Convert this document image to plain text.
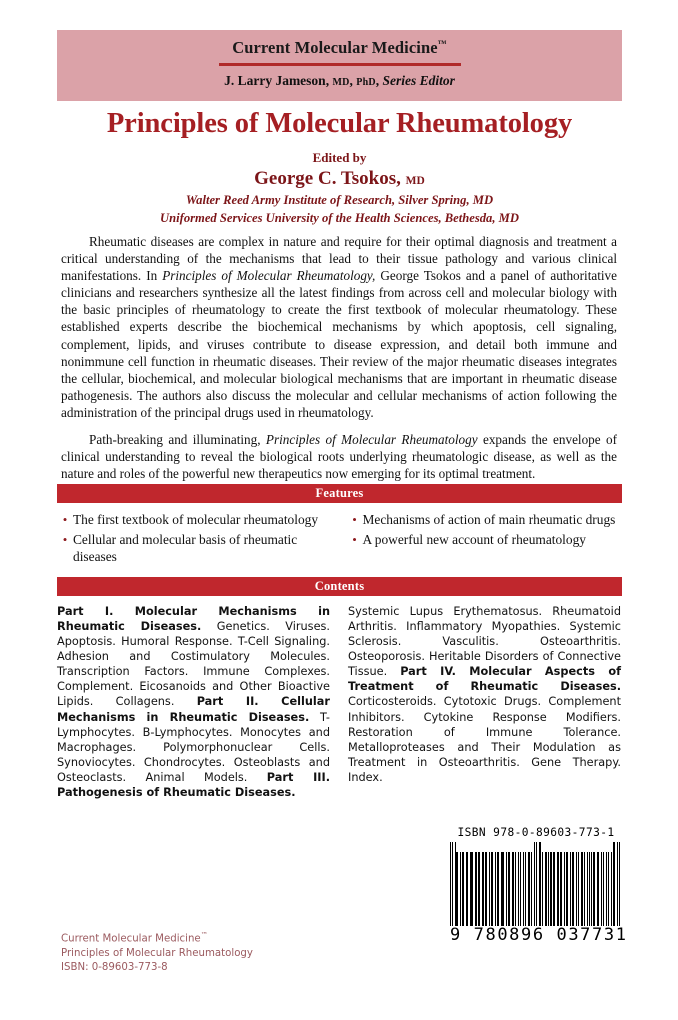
Current Molecular Medicine™
J. Larry Jameson, MD, PhD, Series Editor
Principles of Molecular Rheumatology
Edited by
George C. Tsokos, MD
Walter Reed Army Institute of Research, Silver Spring, MD
Uniformed Services University of the Health Sciences, Bethesda, MD

Rheumatic diseases are complex in nature and require for their optimal diagnosis and treatment a critical understanding of the mechanisms that lead to their tissue pathology and various clinical manifestations. In Principles of Molecular Rheumatology, George Tsokos and a panel of authoritative clinicians and researchers synthesize all the latest findings from across cell and molecular biology with the basic principles of rheumatology to create the first textbook of molecular rheumatology. These established experts describe the biochemical mechanisms by which apoptosis, cell signaling, complement, lipids, and viruses contribute to disease expression, and detail both immune and nonimmune cell function in rheumatic diseases. Their review of the major rheumatic diseases integrates the cellular, biochemical, and molecular biological mechanisms that are important in rheumatic disease pathogenesis. The authors also discuss the molecular and cellular mechanisms of action following the administration of the principal drugs used in rheumatology.

Path-breaking and illuminating, Principles of Molecular Rheumatology expands the envelope of clinical understanding to reveal the biological roots underlying rheumatologic disease, as well as the nature and roles of the powerful new therapeutics now emerging for its optimal treatment.

Features
• The first textbook of molecular rheumatology
• Cellular and molecular basis of rheumatic diseases
• Mechanisms of action of main rheumatic drugs
• A powerful new account of rheumatology
Contents
Part I. Molecular Mechanisms in Rheumatic Diseases. Genetics. Viruses. Apoptosis. Humoral Response. T-Cell Signaling. Adhesion and Costimulatory Molecules. Transcription Factors. Immune Complexes. Complement. Eicosanoids and Other Bioactive Lipids. Collagens. Part II. Cellular Mechanisms in Rheumatic Diseases. T-Lymphocytes. B-Lymphocytes. Monocytes and Macrophages. Polymorphonuclear Cells. Synoviocytes. Chondrocytes. Osteoblasts and Osteoclasts. Animal Models. Part III. Pathogenesis of Rheumatic Diseases.
Systemic Lupus Erythematosus. Rheumatoid Arthritis. Inflammatory Myopathies. Systemic Sclerosis. Vasculitis. Osteoarthritis. Osteoporosis. Heritable Disorders of Connective Tissue. Part IV. Molecular Aspects of Treatment of Rheumatic Diseases. Corticosteroids. Cytotoxic Drugs. Complement Inhibitors. Cytokine Response Modifiers. Restoration of Immune Tolerance. Metalloproteases and Their Modulation as Treatment in Osteoarthritis. Gene Therapy. Index.
ISBN 978-0-89603-773-1
9 780896 037731
Current Molecular Medicine™
Principles of Molecular Rheumatology
ISBN: 0-89603-773-8
